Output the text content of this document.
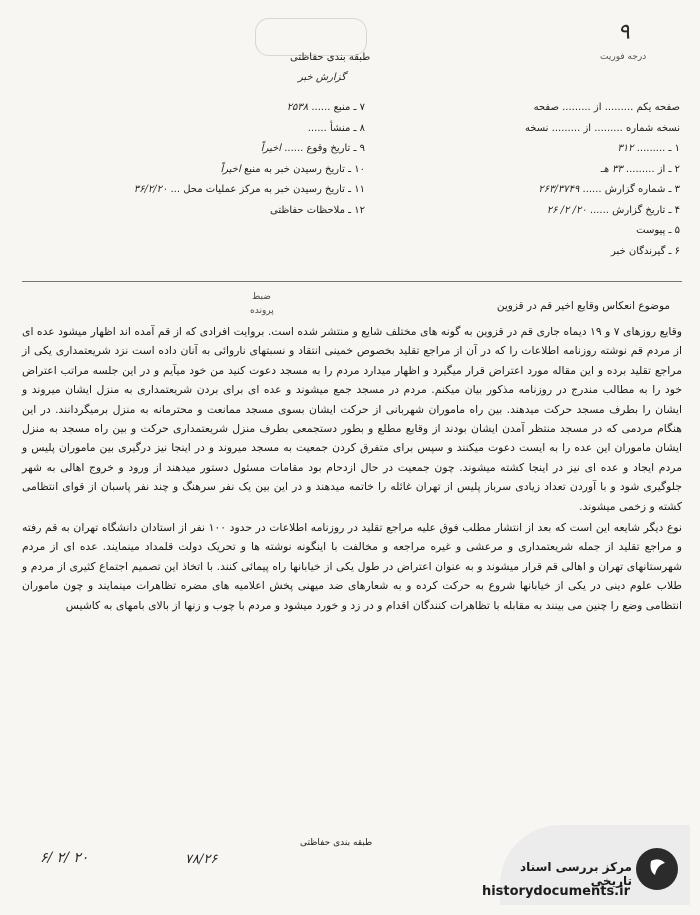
طبقه بندی حفاظتی
گزارش خبر
۹
درجه فوریت
صفحه یکم ......... از ......... صفحه
نسخه شماره ......... از ......... نسخه
۱ ـ ......... ۳۱۲
۲ ـ از ......... ۳۳ هـ
۳ ـ شماره گزارش ...... ۲۶۳/۳۷۴۹
۴ ـ تاریخ گزارش ...... ۲۰/ ۲/ ۲۶
۵ ـ پیوست
۶ ـ گیرندگان خبر
۷ ـ منبع ...... ۲۵۳۸
۸ ـ منشأ ......
۹ ـ تاریخ وقوع ...... اخیراً
۱۰ ـ تاریخ رسیدن خبر به منبع اخیراً
۱۱ ـ تاریخ رسیدن خبر به مرکز عملیات محل ... ۳۶/۲/۲۰
۱۲ ـ ملاحظات حفاظتی
ضبط
پرونده	موضوع انعکاس وقایع اخیر قم در قزوین

وقایع روزهای ۷ و ۱۹ دیماه جاری قم در قزوین به گونه های مختلف شایع و منتشر شده است. بروایت افرادی که از قم آمده اند اظهار میشود عده ای از مردم قم نوشته روزنامه اطلاعات را که در آن از مراجع تقلید بخصوص خمینی انتقاد و نسبتهای ناروائی به آنان داده است نزد شریعتمداری یکی از مراجع تقلید برده و این مقاله مورد اعتراض قرار میگیرد و اظهار میدارد مردم را به مسجد دعوت کنید من خود میآیم و در این جلسه مراتب اعتراض خود را به مطالب مندرج در روزنامه مذکور بیان میکنم. مردم در مسجد جمع میشوند و عده ای برای بردن شریعتمداری به منزل ایشان میروند و ایشان را بطرف مسجد حرکت میدهند. بین راه ماموران شهربانی از حرکت ایشان بسوی مسجد ممانعت و محترمانه به منزل برمیگردانند. در این هنگام مردمی که در مسجد منتظر آمدن ایشان بودند از وقایع مطلع و بطور دستجمعی بطرف منزل شریعتمداری حرکت و بین راه مسجد به منزل ایشان ماموران این عده را به ایست دعوت میکنند و سپس برای متفرق کردن جمعیت به مسجد میروند و در اینجا نیز درگیری بین ماموران پلیس و مردم ایجاد و عده ای نیز در اینجا کشته میشوند. چون جمعیت در حال ازدحام بود مقامات مسئول دستور میدهند از ورود و خروج اهالی به شهر جلوگیری شود و با آوردن تعداد زیادی سرباز پلیس از تهران غائله را خاتمه میدهند و در این بین یک نفر سرهنگ و چند نفر پاسبان از قوای انتظامی کشته و زخمی میشوند.

نوع دیگر شایعه این است که بعد از انتشار مطلب فوق علیه مراجع تقلید در روزنامه اطلاعات در حدود ۱۰۰ نفر از استادان دانشگاه تهران به قم رفته و مراجع تقلید از جمله شریعتمداری و مرعشی و غیره مراجعه و مخالفت با اینگونه نوشته ها و تحریک دولت قلمداد مینمایند. عده ای از مردم شهرستانهای تهران و اهالی قم قرار میشوند و به عنوان اعتراض در طول یکی از خیابانها راه پیمائی کنند. با اتخاذ این تصمیم اجتماع کثیری از مردم و طلاب علوم دینی در یکی از خیابانها شروع به حرکت کرده و به شعارهای ضد میهنی پخش اعلامیه های مضره تظاهرات مینمایند و چون ماموران انتظامی وضع را چنین می بینند به مقابله با تظاهرات کنندگان اقدام و در زد و خورد میشود و مردم با چوب و زنها از بالای بامهای به کاشیس

۶/ ۲/ ۲۰
طبقه بندی حفاظتی
۷۸/۲۶	مرکز بررسی اسناد تاریخی
historydocuments.ir
